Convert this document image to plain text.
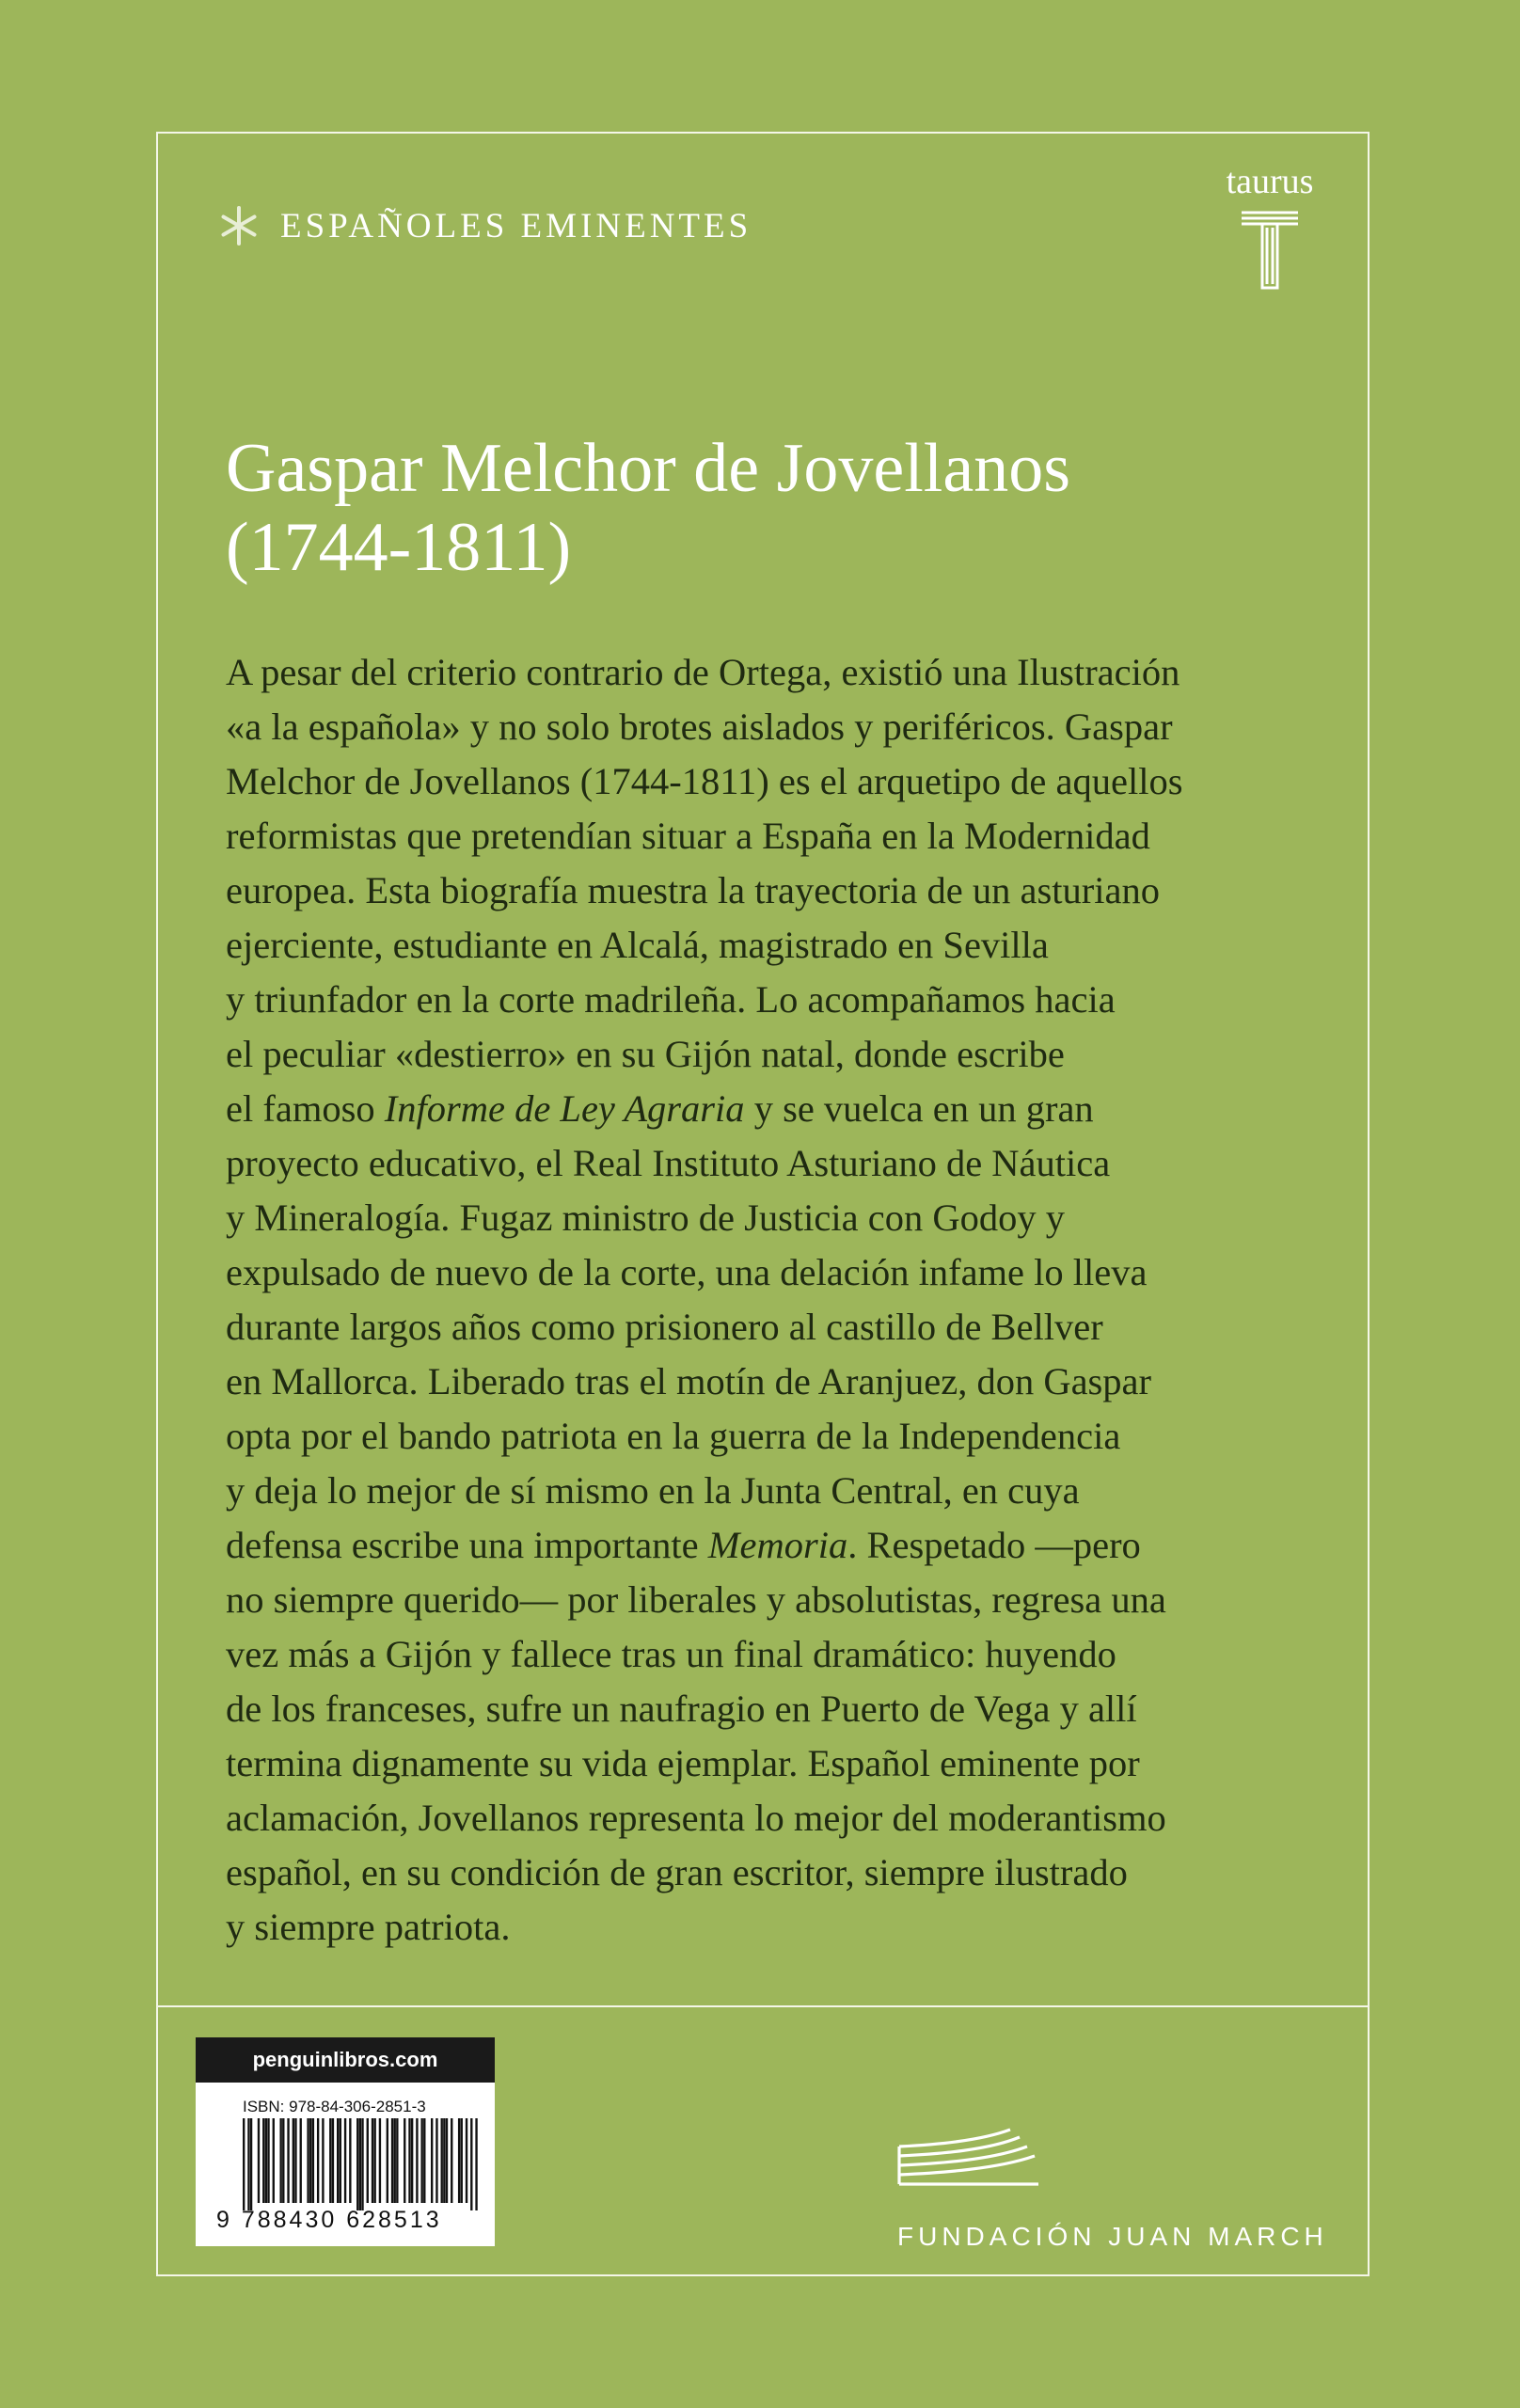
ESPAÑOLES EMINENTES
taurus
Gaspar Melchor de Jovellanos
(1744-1811)
A pesar del criterio contrario de Ortega, existió una Ilustración
«a la española» y no solo brotes aislados y periféricos. Gaspar
Melchor de Jovellanos (1744-1811) es el arquetipo de aquellos
reformistas que pretendían situar a España en la Modernidad
europea. Esta biografía muestra la trayectoria de un asturiano
ejerciente, estudiante en Alcalá, magistrado en Sevilla
y triunfador en la corte madrileña. Lo acompañamos hacia
el peculiar «destierro» en su Gijón natal, donde escribe
el famoso Informe de Ley Agraria y se vuelca en un gran
proyecto educativo, el Real Instituto Asturiano de Náutica
y Mineralogía. Fugaz ministro de Justicia con Godoy y
expulsado de nuevo de la corte, una delación infame lo lleva
durante largos años como prisionero al castillo de Bellver
en Mallorca. Liberado tras el motín de Aranjuez, don Gaspar
opta por el bando patriota en la guerra de la Independencia
y deja lo mejor de sí mismo en la Junta Central, en cuya
defensa escribe una importante Memoria. Respetado —pero
no siempre querido— por liberales y absolutistas, regresa una
vez más a Gijón y fallece tras un final dramático: huyendo
de los franceses, sufre un naufragio en Puerto de Vega y allí
termina dignamente su vida ejemplar. Español eminente por
aclamación, Jovellanos representa lo mejor del moderantismo
español, en su condición de gran escritor, siempre ilustrado
y siempre patriota.
penguinlibros.com
ISBN: 978-84-306-2851-3
9 788430 628513
FUNDACIÓN JUAN MARCH
